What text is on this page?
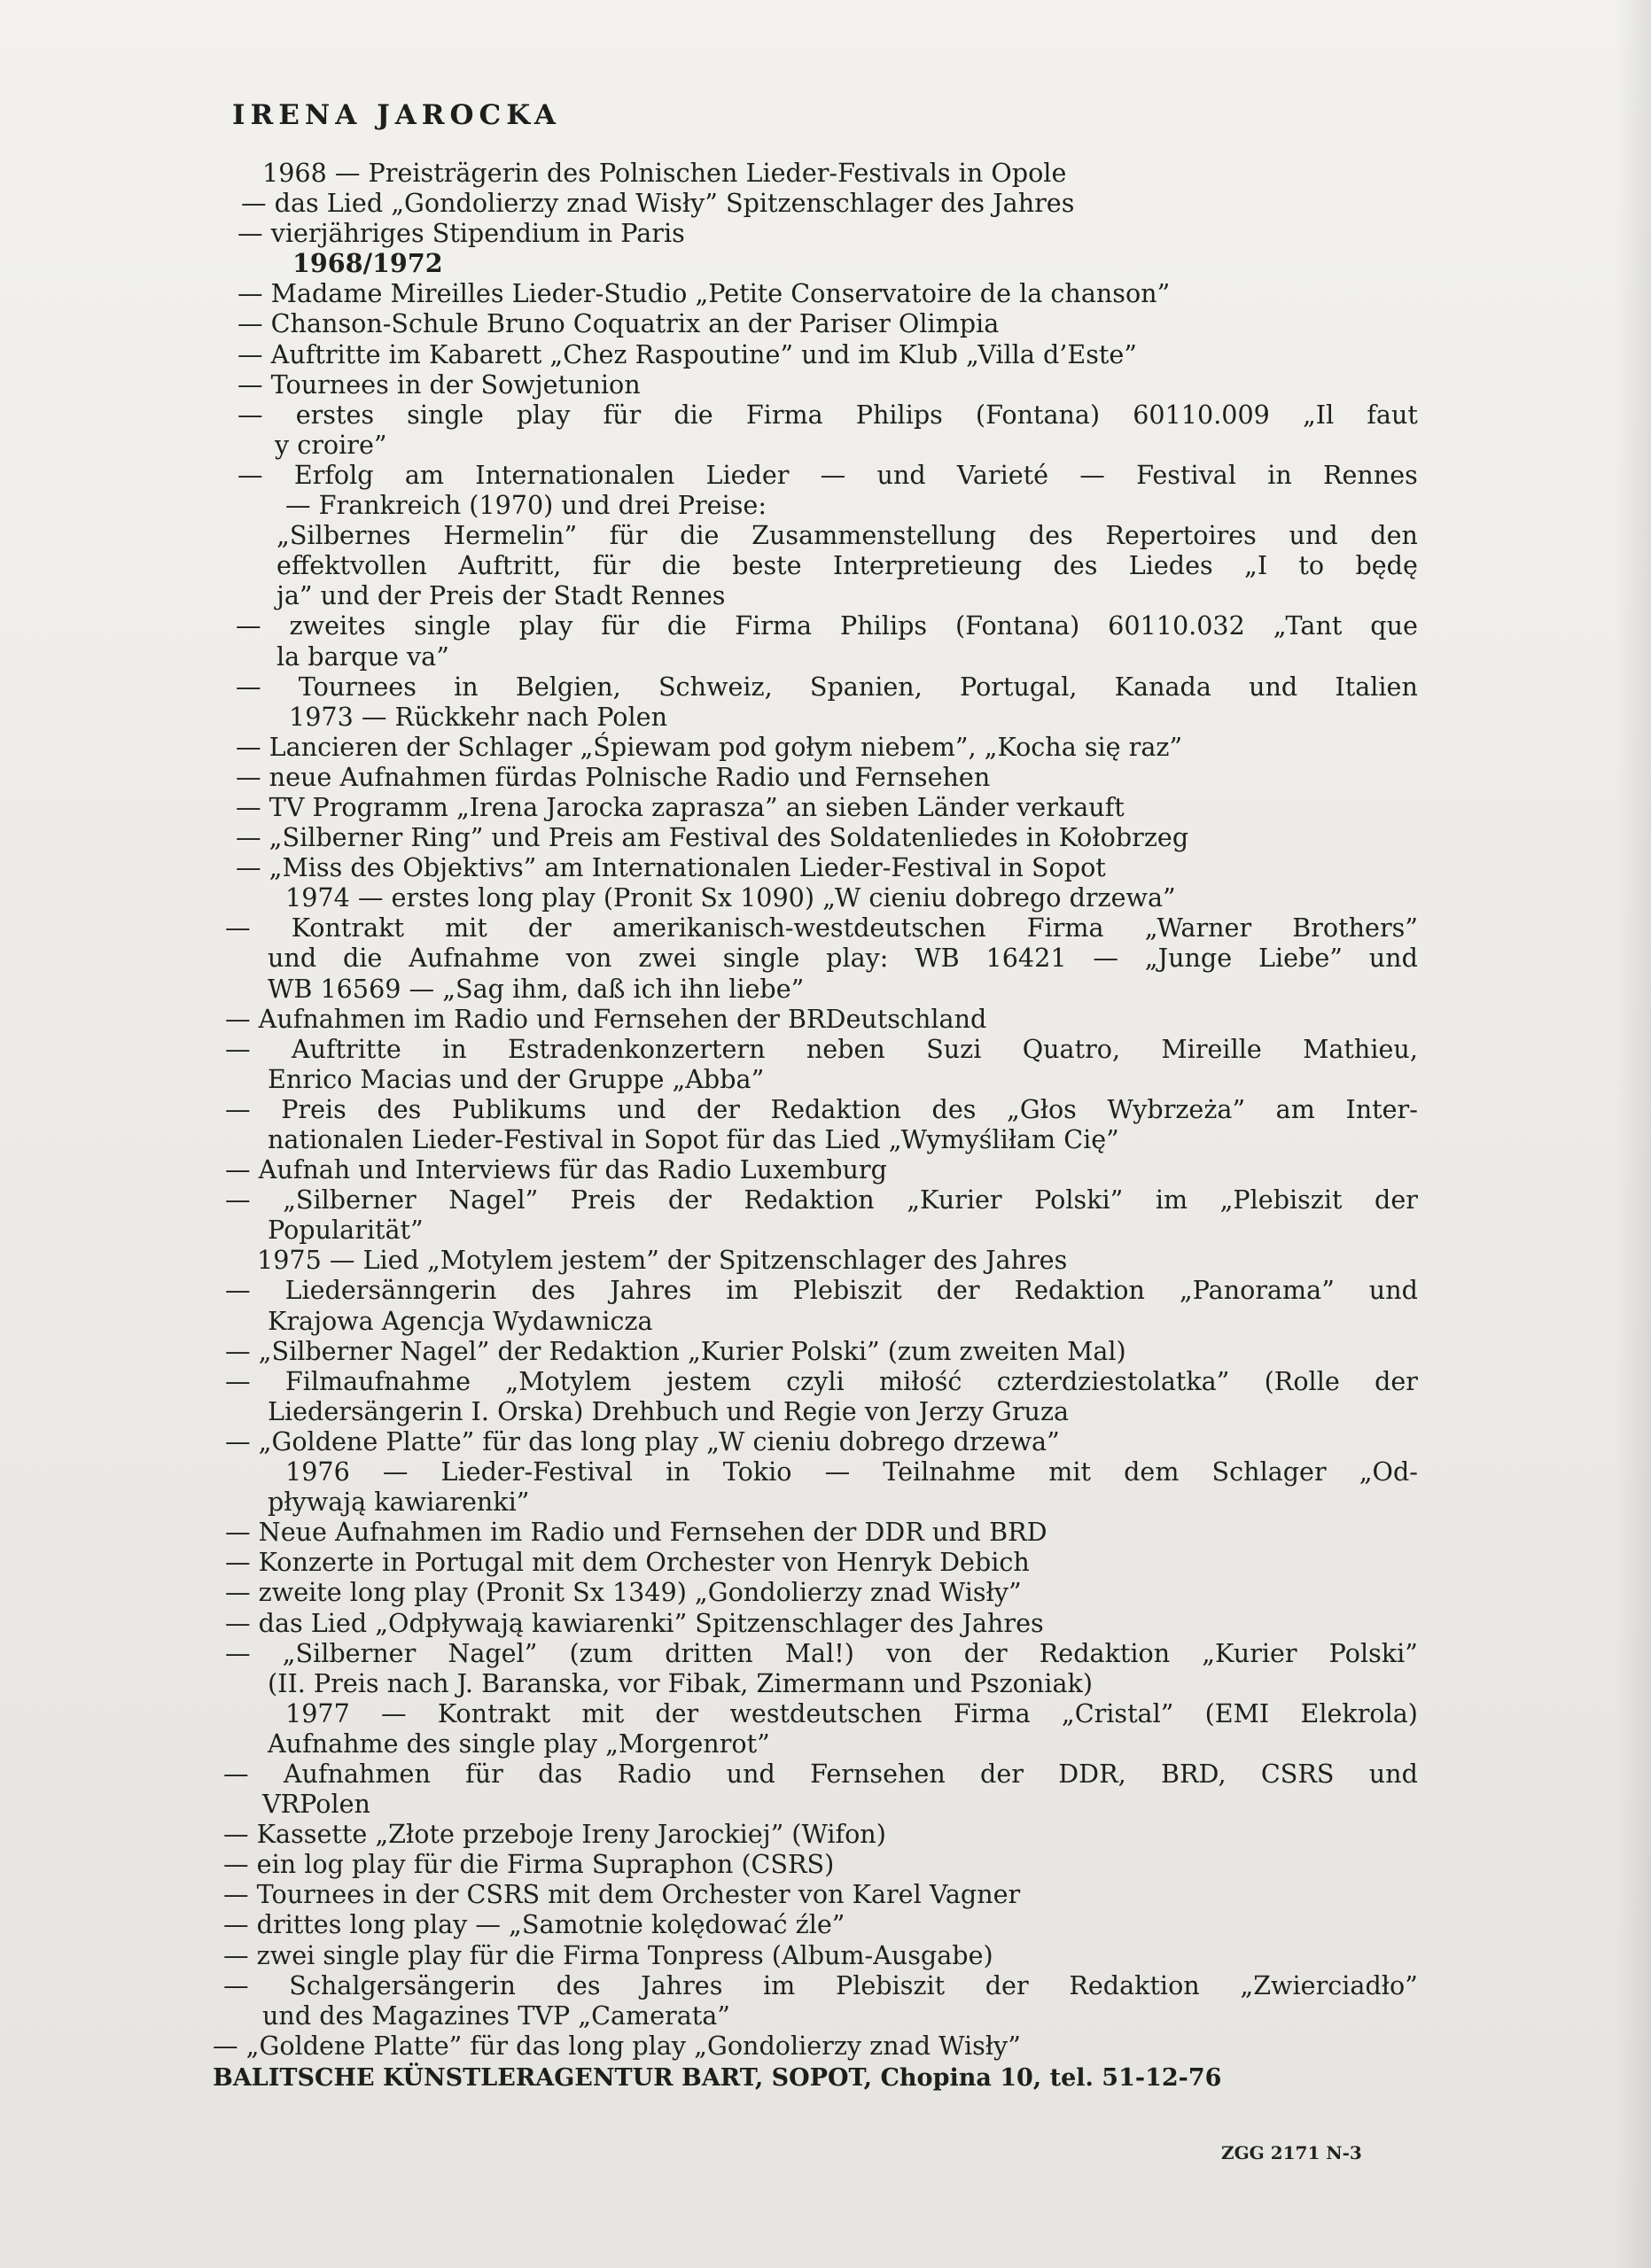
IRENA JAROCKA
1968 — Preisträgerin des Polnischen Lieder-Festivals in Opole
— das Lied „Gondolierzy znad Wisły” Spitzenschlager des Jahres
— vierjähriges Stipendium in Paris
1968/1972
— Madame Mireilles Lieder-Studio „Petite Conservatoire de la chanson”
— Chanson-Schule Bruno Coquatrix an der Pariser Olimpia
— Auftritte im Kabarett „Chez Raspoutine” und im Klub „Villa d’Este”
— Tournees in der Sowjetunion
— erstes single play für die Firma Philips (Fontana) 60110.009 „Il faut
y croire”
— Erfolg am Internationalen Lieder — und Varieté — Festival in Rennes
— Frankreich (1970) und drei Preise:
„Silbernes Hermelin” für die Zusammenstellung des Repertoires und den
effektvollen Auftritt, für die beste Interpretieung des Liedes „I to będę
ja” und der Preis der Stadt Rennes
— zweites single play für die Firma Philips (Fontana) 60110.032 „Tant que
la barque va”
— Tournees in Belgien, Schweiz, Spanien, Portugal, Kanada und Italien
1973 — Rückkehr nach Polen
— Lancieren der Schlager „Śpiewam pod gołym niebem”, „Kocha się raz”
— neue Aufnahmen fürdas Polnische Radio und Fernsehen
— TV Programm „Irena Jarocka zaprasza” an sieben Länder verkauft
— „Silberner Ring” und Preis am Festival des Soldatenliedes in Kołobrzeg
— „Miss des Objektivs” am Internationalen Lieder-Festival in Sopot
1974 — erstes long play (Pronit Sx 1090) „W cieniu dobrego drzewa”
— Kontrakt mit der amerikanisch-westdeutschen Firma „Warner Brothers”
und die Aufnahme von zwei single play: WB 16421 — „Junge Liebe” und
WB 16569 — „Sag ihm, daß ich ihn liebe”
— Aufnahmen im Radio und Fernsehen der BRDeutschland
— Auftritte in Estradenkonzertern neben Suzi Quatro, Mireille Mathieu,
Enrico Macias und der Gruppe „Abba”
— Preis des Publikums und der Redaktion des „Głos Wybrzeża” am Inter-
nationalen Lieder-Festival in Sopot für das Lied „Wymyśliłam Cię”
— Aufnah und Interviews für das Radio Luxemburg
— „Silberner Nagel” Preis der Redaktion „Kurier Polski” im „Plebiszit der
Popularität”
1975 — Lied „Motylem jestem” der Spitzenschlager des Jahres
— Liedersänngerin des Jahres im Plebiszit der Redaktion „Panorama” und
Krajowa Agencja Wydawnicza
— „Silberner Nagel” der Redaktion „Kurier Polski” (zum zweiten Mal)
— Filmaufnahme „Motylem jestem czyli miłość czterdziestolatka” (Rolle der
Liedersängerin I. Orska) Drehbuch und Regie von Jerzy Gruza
— „Goldene Platte” für das long play „W cieniu dobrego drzewa”
1976 — Lieder-Festival in Tokio — Teilnahme mit dem Schlager „Od-
pływają kawiarenki”
— Neue Aufnahmen im Radio und Fernsehen der DDR und BRD
— Konzerte in Portugal mit dem Orchester von Henryk Debich
— zweite long play (Pronit Sx 1349) „Gondolierzy znad Wisły”
— das Lied „Odpływają kawiarenki” Spitzenschlager des Jahres
— „Silberner Nagel” (zum dritten Mal!) von der Redaktion „Kurier Polski”
(II. Preis nach J. Baranska, vor Fibak, Zimermann und Pszoniak)
1977 — Kontrakt mit der westdeutschen Firma „Cristal” (EMI Elekrola)
Aufnahme des single play „Morgenrot”
— Aufnahmen für das Radio und Fernsehen der DDR, BRD, CSRS und
VRPolen
— Kassette „Złote przeboje Ireny Jarockiej” (Wifon)
— ein log play für die Firma Supraphon (CSRS)
— Tournees in der CSRS mit dem Orchester von Karel Vagner
— drittes long play — „Samotnie kolędować źle”
— zwei single play für die Firma Tonpress (Album-Ausgabe)
— Schalgersängerin des Jahres im Plebiszit der Redaktion „Zwierciadło”
und des Magazines TVP „Camerata”
— „Goldene Platte” für das long play „Gondolierzy znad Wisły”
BALITSCHE KÜNSTLERAGENTUR BART, SOPOT, Chopina 10, tel. 51-12-76
ZGG 2171 N-3
